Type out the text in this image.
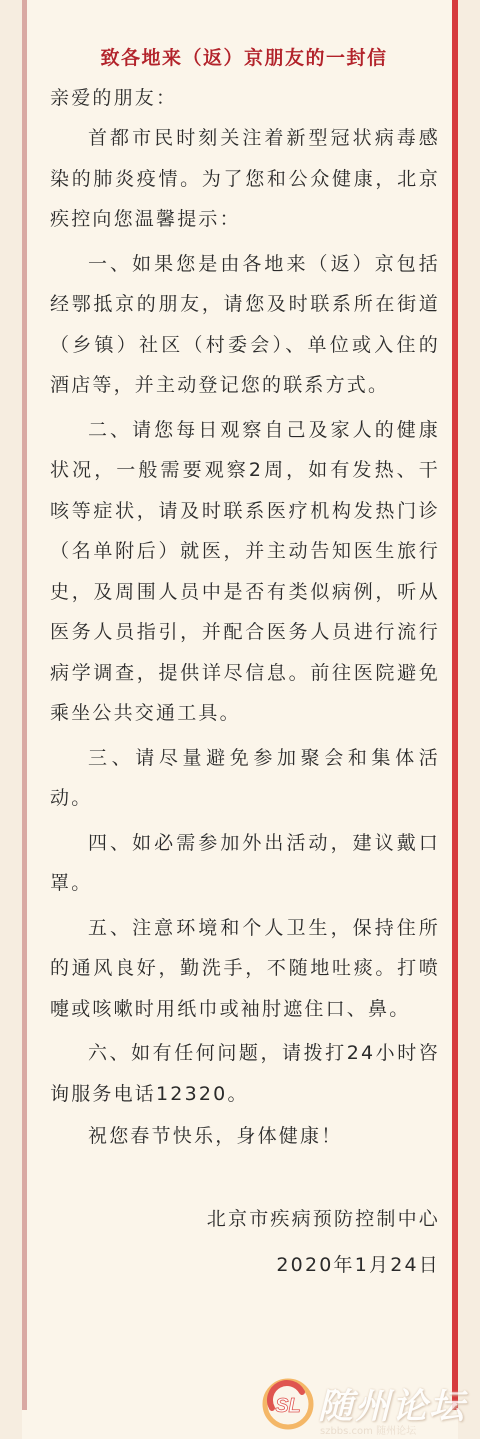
致各地来（返）京朋友的一封信
亲爱的朋友：

首都市民时刻关注着新型冠状病毒感染的肺炎疫情。为了您和公众健康，北京疾控向您温馨提示：

一、如果您是由各地来（返）京包括经鄂抵京的朋友，请您及时联系所在街道（乡镇）社区（村委会）、单位或入住的酒店等，并主动登记您的联系方式。

二、请您每日观察自己及家人的健康状况，一般需要观察2周，如有发热、干咳等症状，请及时联系医疗机构发热门诊（名单附后）就医，并主动告知医生旅行史，及周围人员中是否有类似病例，听从医务人员指引，并配合医务人员进行流行病学调查，提供详尽信息。前往医院避免乘坐公共交通工具。

三、请尽量避免参加聚会和集体活动。

四、如必需参加外出活动，建议戴口罩。

五、注意环境和个人卫生，保持住所的通风良好，勤洗手，不随地吐痰。打喷嚏或咳嗽时用纸巾或袖肘遮住口、鼻。

六、如有任何问题，请拨打24小时咨询服务电话12320。

祝您春节快乐，身体健康！

北京市疾病预防控制中心

2020年1月24日

SL 随州论坛
szbbs.com 随州论坛
